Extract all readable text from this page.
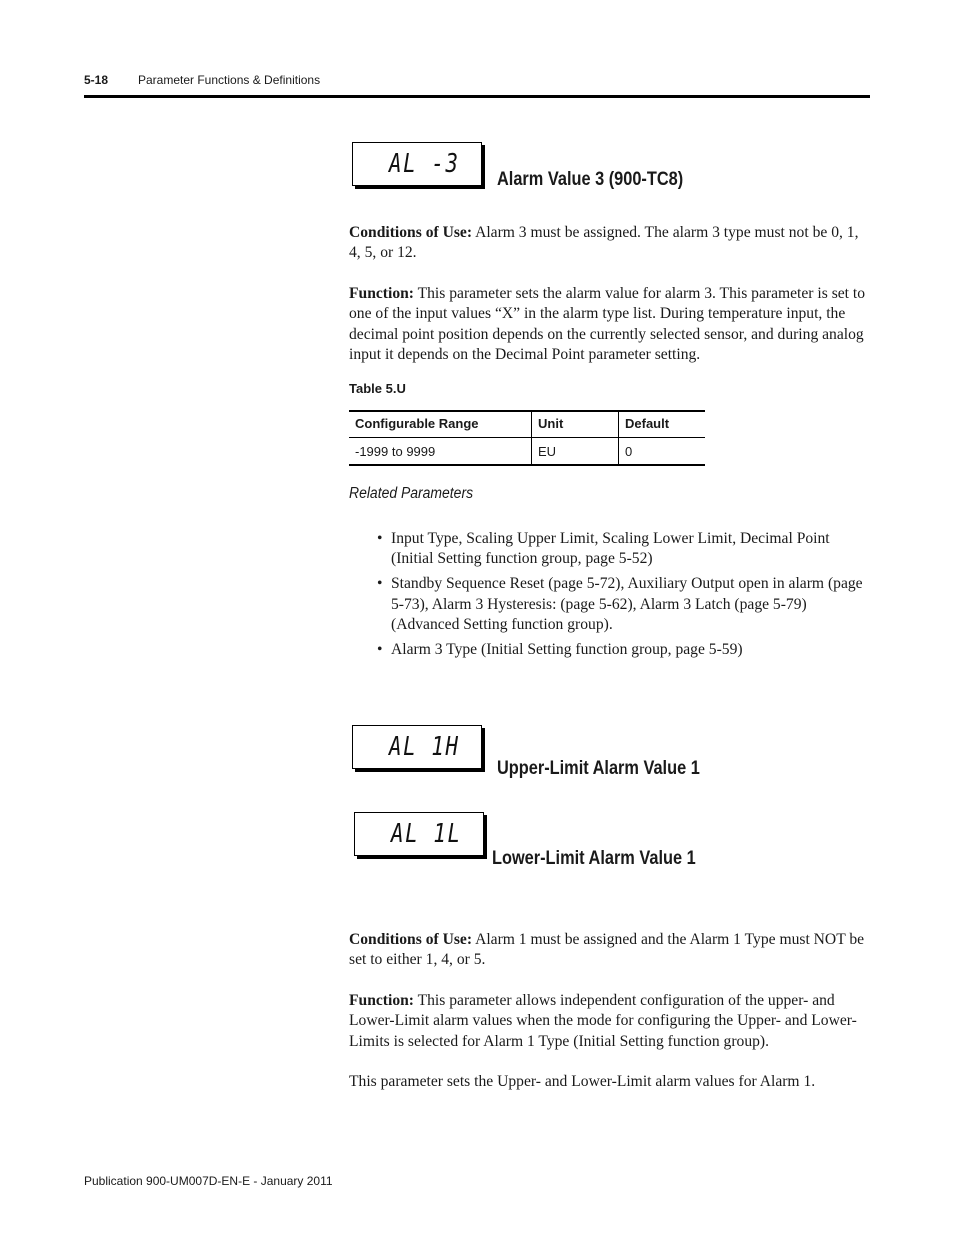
5-18 Parameter Functions & Definitions
AL -3
Alarm Value 3 (900-TC8)
Conditions of Use: Alarm 3 must be assigned. The alarm 3 type must not be 0, 1, 4, 5, or 12.
Function: This parameter sets the alarm value for alarm 3. This parameter is set to one of the input values “X” in the alarm type list. During temperature input, the decimal point position depends on the currently selected sensor, and during analog input it depends on the Decimal Point parameter setting.
Table 5.U
Configurable Range	Unit	Default
-1999 to 9999	EU	0
Related Parameters
• Input Type, Scaling Upper Limit, Scaling Lower Limit, Decimal Point (Initial Setting function group, page 5-52)
• Standby Sequence Reset (page 5-72), Auxiliary Output open in alarm (page 5-73), Alarm 3 Hysteresis: (page 5-62), Alarm 3 Latch (page 5-79) (Advanced Setting function group).
• Alarm 3 Type (Initial Setting function group, page 5-59)
AL 1H
Upper-Limit Alarm Value 1
AL 1L
Lower-Limit Alarm Value 1
Conditions of Use: Alarm 1 must be assigned and the Alarm 1 Type must NOT be set to either 1, 4, or 5.
Function: This parameter allows independent configuration of the upper- and Lower-Limit alarm values when the mode for configuring the Upper- and Lower-Limits is selected for Alarm 1 Type (Initial Setting function group).
This parameter sets the Upper- and Lower-Limit alarm values for Alarm 1.
Publication 900-UM007D-EN-E - January 2011
